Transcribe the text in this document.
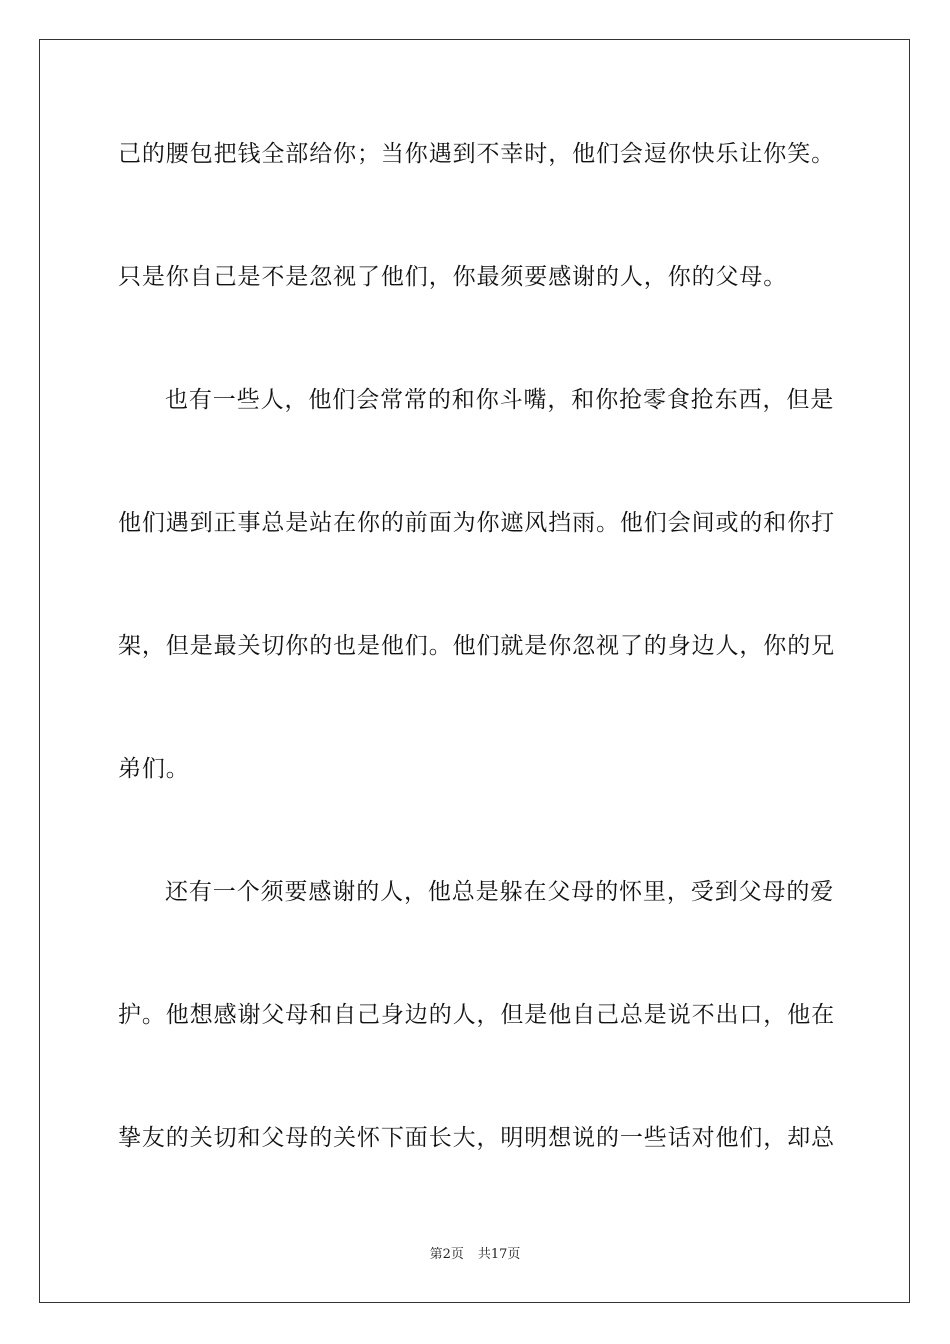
己的腰包把钱全部给你；当你遇到不幸时，他们会逗你快乐让你笑。
只是你自己是不是忽视了他们，你最须要感谢的人，你的父母。
也有一些人，他们会常常的和你斗嘴，和你抢零食抢东西，但是
他们遇到正事总是站在你的前面为你遮风挡雨。他们会间或的和你打
架，但是最关切你的也是他们。他们就是你忽视了的身边人，你的兄
弟们。
还有一个须要感谢的人，他总是躲在父母的怀里，受到父母的爱
护。他想感谢父母和自己身边的人，但是他自己总是说不出口，他在
挚友的关切和父母的关怀下面长大，明明想说的一些话对他们，却总
第2页 共17页
